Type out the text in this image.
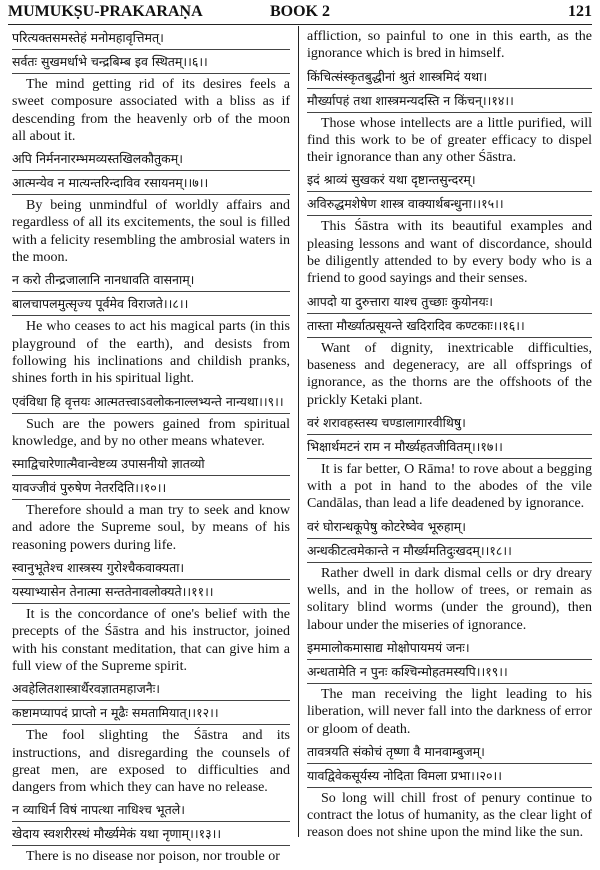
MUMUKṢU-PRAKARAṆA	BOOK 2	121
परित्यक्तसमस्तेहं मनोमहावृत्तिमत्।
सर्वतः सुखमर्धाभे चन्द्रबिम्ब इव स्थितम्।।६।।
The mind getting rid of its desires feels a sweet composure associated with a bliss as if descending from the heavenly orb of the moon all about it.
अपि निर्मननारम्भमव्यस्तखिलकौतुकम्।
आत्मन्येव न मात्यन्तरिन्दाविव रसायनम्।।७।।
By being unmindful of worldly affairs and regardless of all its excitements, the soul is filled with a felicity resembling the ambrosial waters in the moon.
न करो तीन्द्रजालानि नानधावति वासनाम्।
बालचापलमुत्सृज्य पूर्वमेव विराजते।।८।।
He who ceases to act his magical parts (in this playground of the earth), and desists from following his inclinations and childish pranks, shines forth in his spiritual light.
एवंविधा हि वृत्तयः आत्मतत्त्वाऽवलोकनाल्लभ्यन्ते नान्यथा।।९।।
Such are the powers gained from spiritual knowledge, and by no other means whatever.
स्माद्विचारेणात्मैवान्वेष्टव्य उपासनीयो ज्ञातव्यो
यावज्जीवं पुरुषेण नेतरदिति।।१०।।
Therefore should a man try to seek and know and adore the Supreme soul, by means of his reasoning powers during life.
स्वानुभूतेश्च शास्त्रस्य गुरोश्चैकवाक्यता।
यस्याभ्यासेन तेनात्मा सन्ततेनावलोक्यते।।११।।
It is the concordance of one's belief with the precepts of the Śāstra and his instructor, joined with his constant meditation, that can give him a full view of the Supreme spirit.
अवहेलितशास्त्रार्थैरवज्ञातमहाजनैः।
कष्टामप्यापदं प्राप्तो न मूढैः समतामियात्।।१२।।
The fool slighting the Śāstra and its instructions, and disregarding the counsels of great men, are exposed to difficulties and dangers from which they can have no release.
न व्याधिर्न विषं नापत्था नाधिश्च भूतले।
खेदाय स्वशरीरस्थं मौर्ख्यमेकं यथा नृणाम्।।१३।।
There is no disease nor poison, nor trouble or
affliction, so painful to one in this earth, as the ignorance which is bred in himself.
किंचित्संस्कृतबुद्धीनां श्रुतं शास्त्रमिदं यथा।
मौर्ख्यापहं तथा शास्त्रमन्यदस्ति न किंचन्।।१४।।
Those whose intellects are a little purified, will find this work to be of greater efficacy to dispel their ignorance than any other Śāstra.
इदं श्राव्यं सुखकरं यथा दृष्टान्तसुन्दरम्।
अविरुद्धमशेषेण शास्त्र वाक्यार्थबन्धुना।।१५।।
This Śāstra with its beautiful examples and pleasing lessons and want of discordance, should be diligently attended to by every body who is a friend to good sayings and their senses.
आपदो या दुरुत्तारा याश्च तुच्छाः कुयोनयः।
तास्ता मौर्ख्यात्प्रसूयन्ते खदिरादिव कण्टकाः।।१६।।
Want of dignity, inextricable difficulties, baseness and degeneracy, are all offsprings of ignorance, as the thorns are the offshoots of the prickly Ketaki plant.
वरं शरावहस्तस्य चण्डालागारवीथिषु।
भिक्षार्थमटनं राम न मौर्ख्यहतजीवितम्।।१७।।
It is far better, O Rāma! to rove about a begging with a pot in hand to the abodes of the vile Candālas, than lead a life deadened by ignorance.
वरं घोरान्धकूपेषु कोटरेष्वेव भूरुहाम्।
अन्धकीटत्वमेकान्ते न मौर्ख्यमतिदुःखदम्।।१८।।
Rather dwell in dark dismal cells or dry dreary wells, and in the hollow of trees, or remain as solitary blind worms (under the ground), then labour under the miseries of ignorance.
इममालोकमासाद्य मोक्षोपायमयं जनः।
अन्धतामेति न पुनः कश्चिन्मोहतमस्यपि।।१९।।
The man receiving the light leading to his liberation, will never fall into the darkness of error or gloom of death.
तावत्रयति संकोचं तृष्णा वै मानवाम्बुजम्।
यावद्विवेकसूर्यस्य नोदिता विमला प्रभा।।२०।।
So long will chill frost of penury continue to contract the lotus of humanity, as the clear light of reason does not shine upon the mind like the sun.
